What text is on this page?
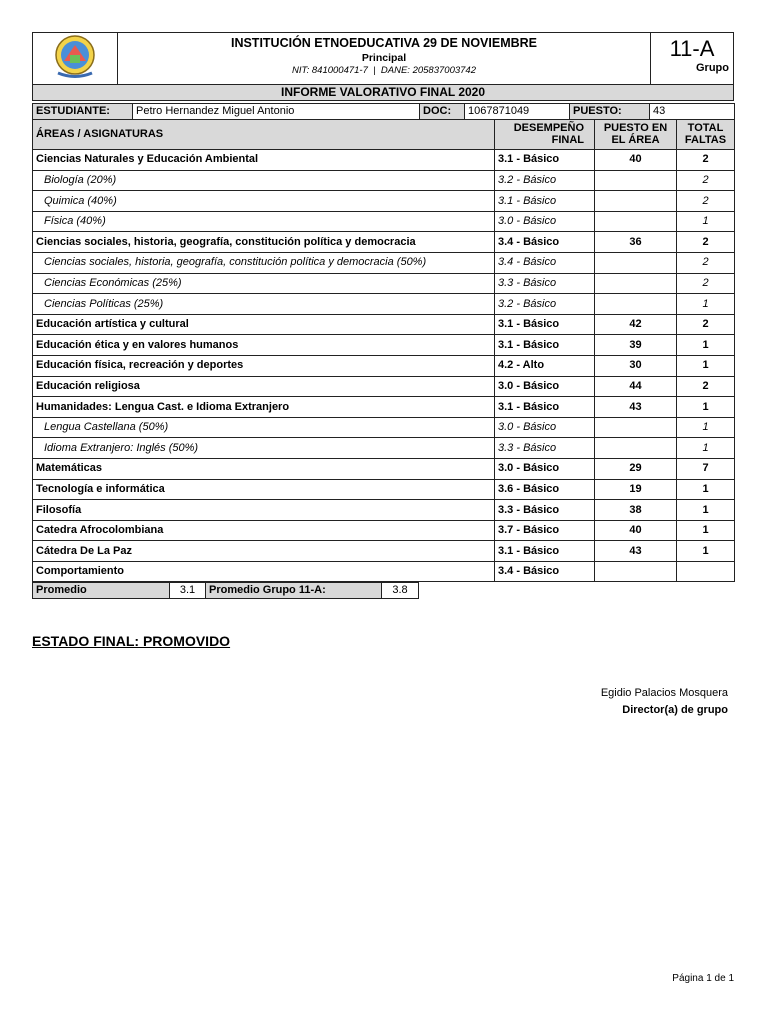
INSTITUCIÓN ETNOEDUCATIVA 29 DE NOVIEMBRE
Principal
NIT: 841000471-7 | DANE: 205837003742

11-A
Grupo
INFORME VALORATIVO FINAL 2020
ESTUDIANTE:	Petro Hernandez Miguel Antonio	DOC:	1067871049	PUESTO:	43
ÁREAS / ASIGNATURAS	DESEMPEÑO FINAL	PUESTO EN EL ÁREA	TOTAL FALTAS
Ciencias Naturales y Educación Ambiental	3.1 - Básico	40	2
Biología (20%)	3.2 - Básico		2
Quimica (40%)	3.1 - Básico		2
Física (40%)	3.0 - Básico		1
Ciencias sociales, historia, geografía, constitución política y democracia	3.4 - Básico	36	2
Ciencias sociales, historia, geografía, constitución política y democracia (50%)	3.4 - Básico		2
Ciencias Económicas (25%)	3.3 - Básico		2
Ciencias Políticas (25%)	3.2 - Básico		1
Educación artística y cultural	3.1 - Básico	42	2
Educación ética y en valores humanos	3.1 - Básico	39	1
Educación física, recreación y deportes	4.2 - Alto	30	1
Educación religiosa	3.0 - Básico	44	2
Humanidades: Lengua Cast. e Idioma Extranjero	3.1 - Básico	43	1
Lengua Castellana (50%)	3.0 - Básico		1
Idioma Extranjero: Inglés (50%)	3.3 - Básico		1
Matemáticas	3.0 - Básico	29	7
Tecnología e informática	3.6 - Básico	19	1
Filosofía	3.3 - Básico	38	1
Catedra Afrocolombiana	3.7 - Básico	40	1
Cátedra De La Paz	3.1 - Básico	43	1
Comportamiento	3.4 - Básico		
Promedio	3.1	Promedio Grupo 11-A:	3.8
ESTADO FINAL: PROMOVIDO
Egidio Palacios Mosquera
Director(a) de grupo
Página 1 de 1
